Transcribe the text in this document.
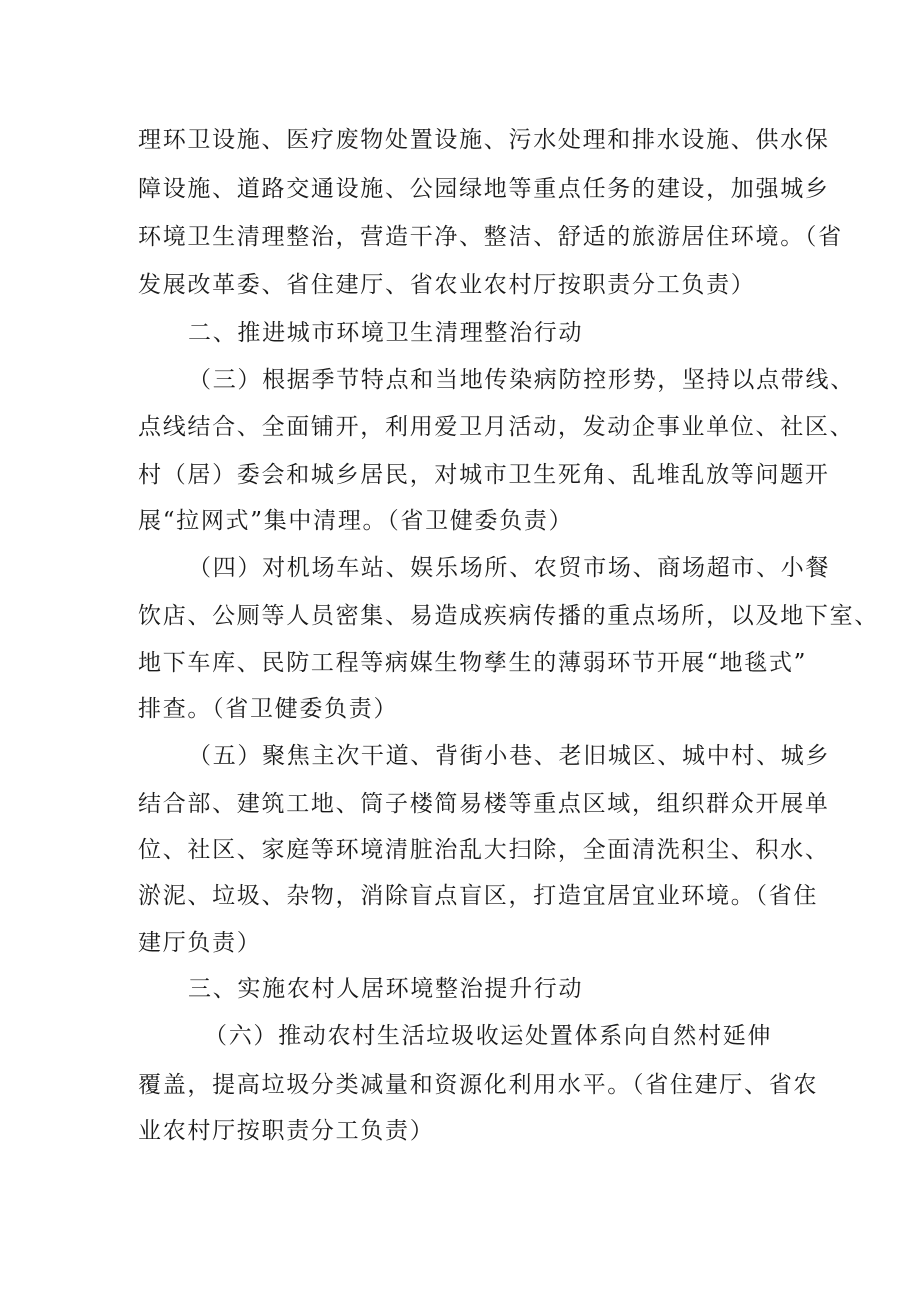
理环卫设施、医疗废物处置设施、污水处理和排水设施、供水保
障设施、道路交通设施、公园绿地等重点任务的建设，加强城乡
环境卫生清理整治，营造干净、整洁、舒适的旅游居住环境。（省
发展改革委、省住建厅、省农业农村厅按职责分工负责）
二、推进城市环境卫生清理整治行动
（三）根据季节特点和当地传染病防控形势，坚持以点带线、
点线结合、全面铺开，利用爱卫月活动，发动企事业单位、社区、
村（居）委会和城乡居民，对城市卫生死角、乱堆乱放等问题开
展“拉网式”集中清理。（省卫健委负责）
（四）对机场车站、娱乐场所、农贸市场、商场超市、小餐
饮店、公厕等人员密集、易造成疾病传播的重点场所，以及地下室、
地下车库、民防工程等病媒生物孳生的薄弱环节开展“地毯式”
排查。（省卫健委负责）
（五）聚焦主次干道、背街小巷、老旧城区、城中村、城乡
结合部、建筑工地、筒子楼简易楼等重点区域，组织群众开展单
位、社区、家庭等环境清脏治乱大扫除，全面清洗积尘、积水、
淤泥、垃圾、杂物，消除盲点盲区，打造宜居宜业环境。（省住
建厅负责）
三、实施农村人居环境整治提升行动
（六）推动农村生活垃圾收运处置体系向自然村延伸
覆盖，提高垃圾分类减量和资源化利用水平。（省住建厅、省农
业农村厅按职责分工负责）
